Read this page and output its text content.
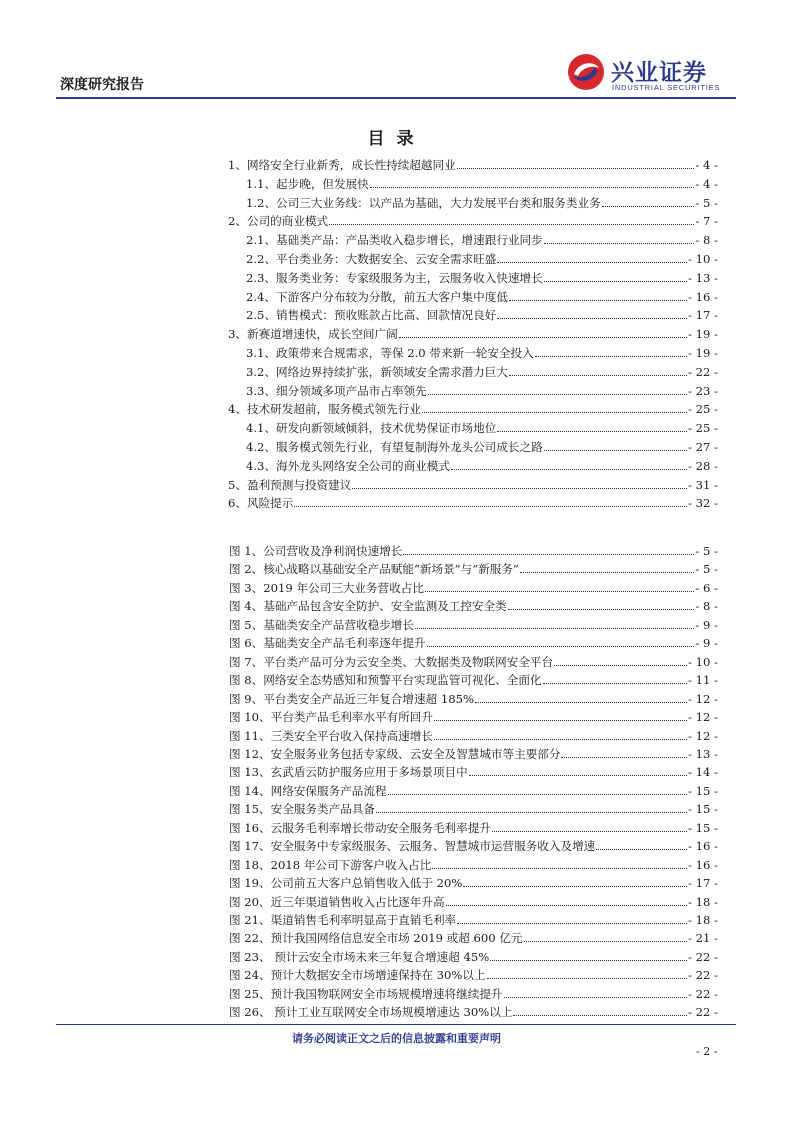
深度研究报告	兴业证券
INDUSTRIAL SECURITIES
目录
1、网络安全行业新秀，成长性持续超越同业	- 4 -
1.1、起步晚，但发展快	- 4 -
1.2、公司三大业务线：以产品为基础，大力发展平台类和服务类业务	- 5 -
2、公司的商业模式	- 7 -
2.1、基础类产品：产品类收入稳步增长，增速跟行业同步	- 8 -
2.2、平台类业务：大数据安全、云安全需求旺盛	- 10 -
2.3、服务类业务：专家级服务为主，云服务收入快速增长	- 13 -
2.4、下游客户分布较为分散，前五大客户集中度低	- 16 -
2.5、销售模式：预收账款占比高、回款情况良好	- 17 -
3、新赛道增速快，成长空间广阔	- 19 -
3.1、政策带来合规需求，等保 2.0 带来新一轮安全投入	- 19 -
3.2、网络边界持续扩张，新领域安全需求潜力巨大	- 22 -
3.3、细分领域多项产品市占率领先	- 23 -
4、技术研发超前，服务模式领先行业	- 25 -
4.1、研发向新领域倾斜，技术优势保证市场地位	- 25 -
4.2、服务模式领先行业，有望复制海外龙头公司成长之路	- 27 -
4.3、海外龙头网络安全公司的商业模式	- 28 -
5、盈利预测与投资建议	- 31 -
6、风险提示	- 32 -
图 1、公司营收及净利润快速增长	- 5 -
图 2、核心战略以基础安全产品赋能“新场景”与“新服务”	- 5 -
图 3、2019 年公司三大业务营收占比	- 6 -
图 4、基础产品包含安全防护、安全监测及工控安全类	- 8 -
图 5、基础类安全产品营收稳步增长	- 9 -
图 6、基础类安全产品毛利率逐年提升	- 9 -
图 7、平台类产品可分为云安全类、大数据类及物联网安全平台	- 10 -
图 8、网络安全态势感知和预警平台实现监管可视化、全面化	- 11 -
图 9、平台类安全产品近三年复合增速超 185%	- 12 -
图 10、平台类产品毛利率水平有所回升	- 12 -
图 11、三类安全平台收入保持高速增长	- 12 -
图 12、安全服务业务包括专家级、云安全及智慧城市等主要部分	- 13 -
图 13、玄武盾云防护服务应用于多场景项目中	- 14 -
图 14、网络安保服务产品流程	- 15 -
图 15、安全服务类产品具备	- 15 -
图 16、云服务毛利率增长带动安全服务毛利率提升	- 15 -
图 17、安全服务中专家级服务、云服务、智慧城市运营服务收入及增速	- 16 -
图 18、2018 年公司下游客户收入占比	- 16 -
图 19、公司前五大客户总销售收入低于 20%	- 17 -
图 20、近三年渠道销售收入占比逐年升高	- 18 -
图 21、渠道销售毛利率明显高于直销毛利率	- 18 -
图 22、预计我国网络信息安全市场 2019 或超 600 亿元	- 21 -
图 23、 预计云安全市场未来三年复合增速超 45%	- 22 -
图 24、预计大数据安全市场增速保持在 30%以上	- 22 -
图 25、预计我国物联网安全市场规模增速将继续提升	- 22 -
图 26、 预计工业互联网安全市场规模增速达 30%以上	- 22 -
请务必阅读正文之后的信息披露和重要声明
- 2 -
